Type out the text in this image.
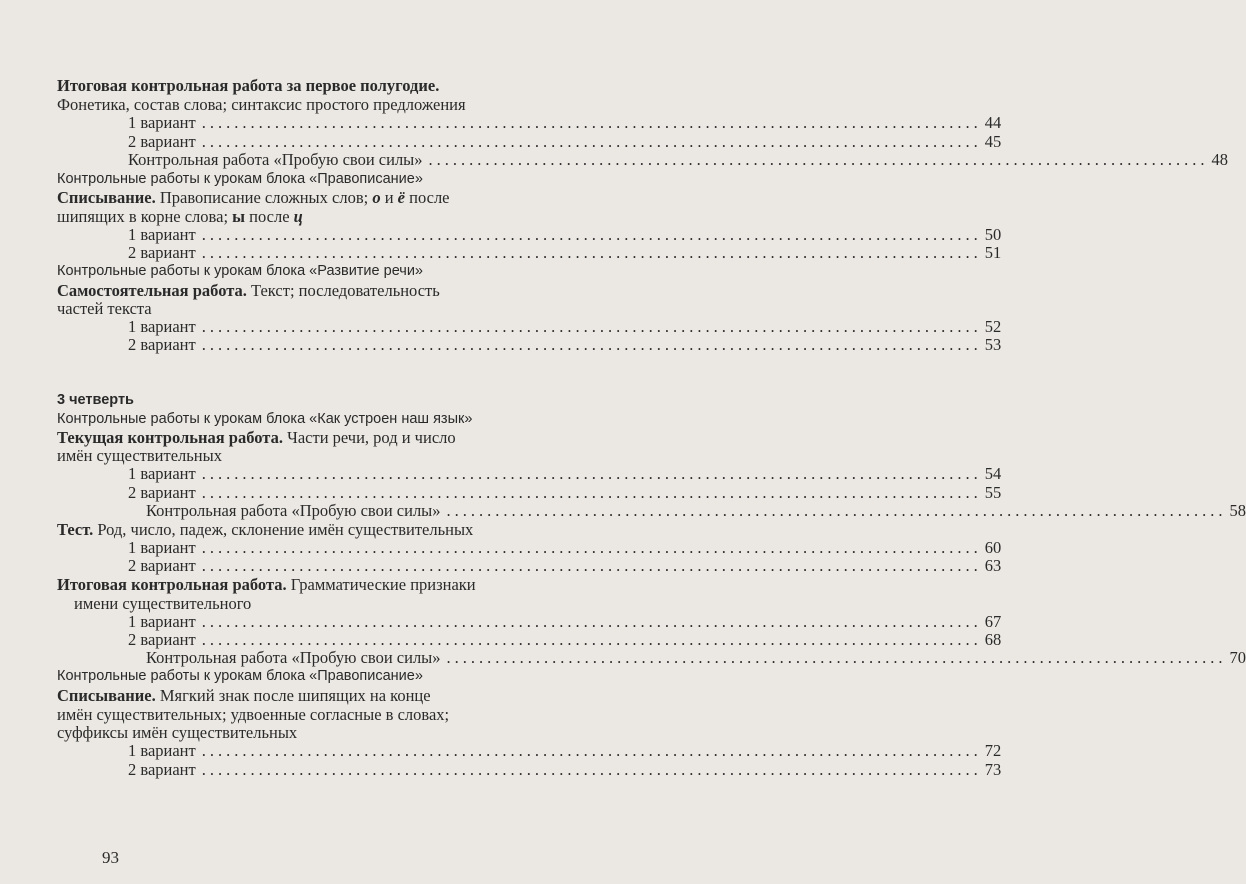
Итоговая контрольная работа за первое полугодие.
Фонетика, состав слова; синтаксис простого предложения
1 вариант ................................................................................................ 44
2 вариант ................................................................................................ 45
Контрольная работа «Пробую свои силы» ................................................................................................ 48
Контрольные работы к урокам блока «Правописание»
Списывание. Правописание сложных слов; о и ё после
шипящих в корне слова; ы после ц
1 вариант ................................................................................................ 50
2 вариант ................................................................................................ 51
Контрольные работы к урокам блока «Развитие речи»
Самостоятельная работа. Текст; последовательность
частей текста
1 вариант ................................................................................................ 52
2 вариант ................................................................................................ 53
3 четверть
Контрольные работы к урокам блока «Как устроен наш язык»
Текущая контрольная работа. Части речи, род и число
имён существительных
1 вариант ................................................................................................ 54
2 вариант ................................................................................................ 55
Контрольная работа «Пробую свои силы» ................................................................................................ 58
Тест. Род, число, падеж, склонение имён существительных
1 вариант ................................................................................................ 60
2 вариант ................................................................................................ 63
Итоговая контрольная работа. Грамматические признаки
имени существительного
1 вариант ................................................................................................ 67
2 вариант ................................................................................................ 68
Контрольная работа «Пробую свои силы» ................................................................................................ 70
Контрольные работы к урокам блока «Правописание»
Списывание. Мягкий знак после шипящих на конце
имён существительных; удвоенные согласные в словах;
суффиксы имён существительных
1 вариант ................................................................................................ 72
2 вариант ................................................................................................ 73
93
